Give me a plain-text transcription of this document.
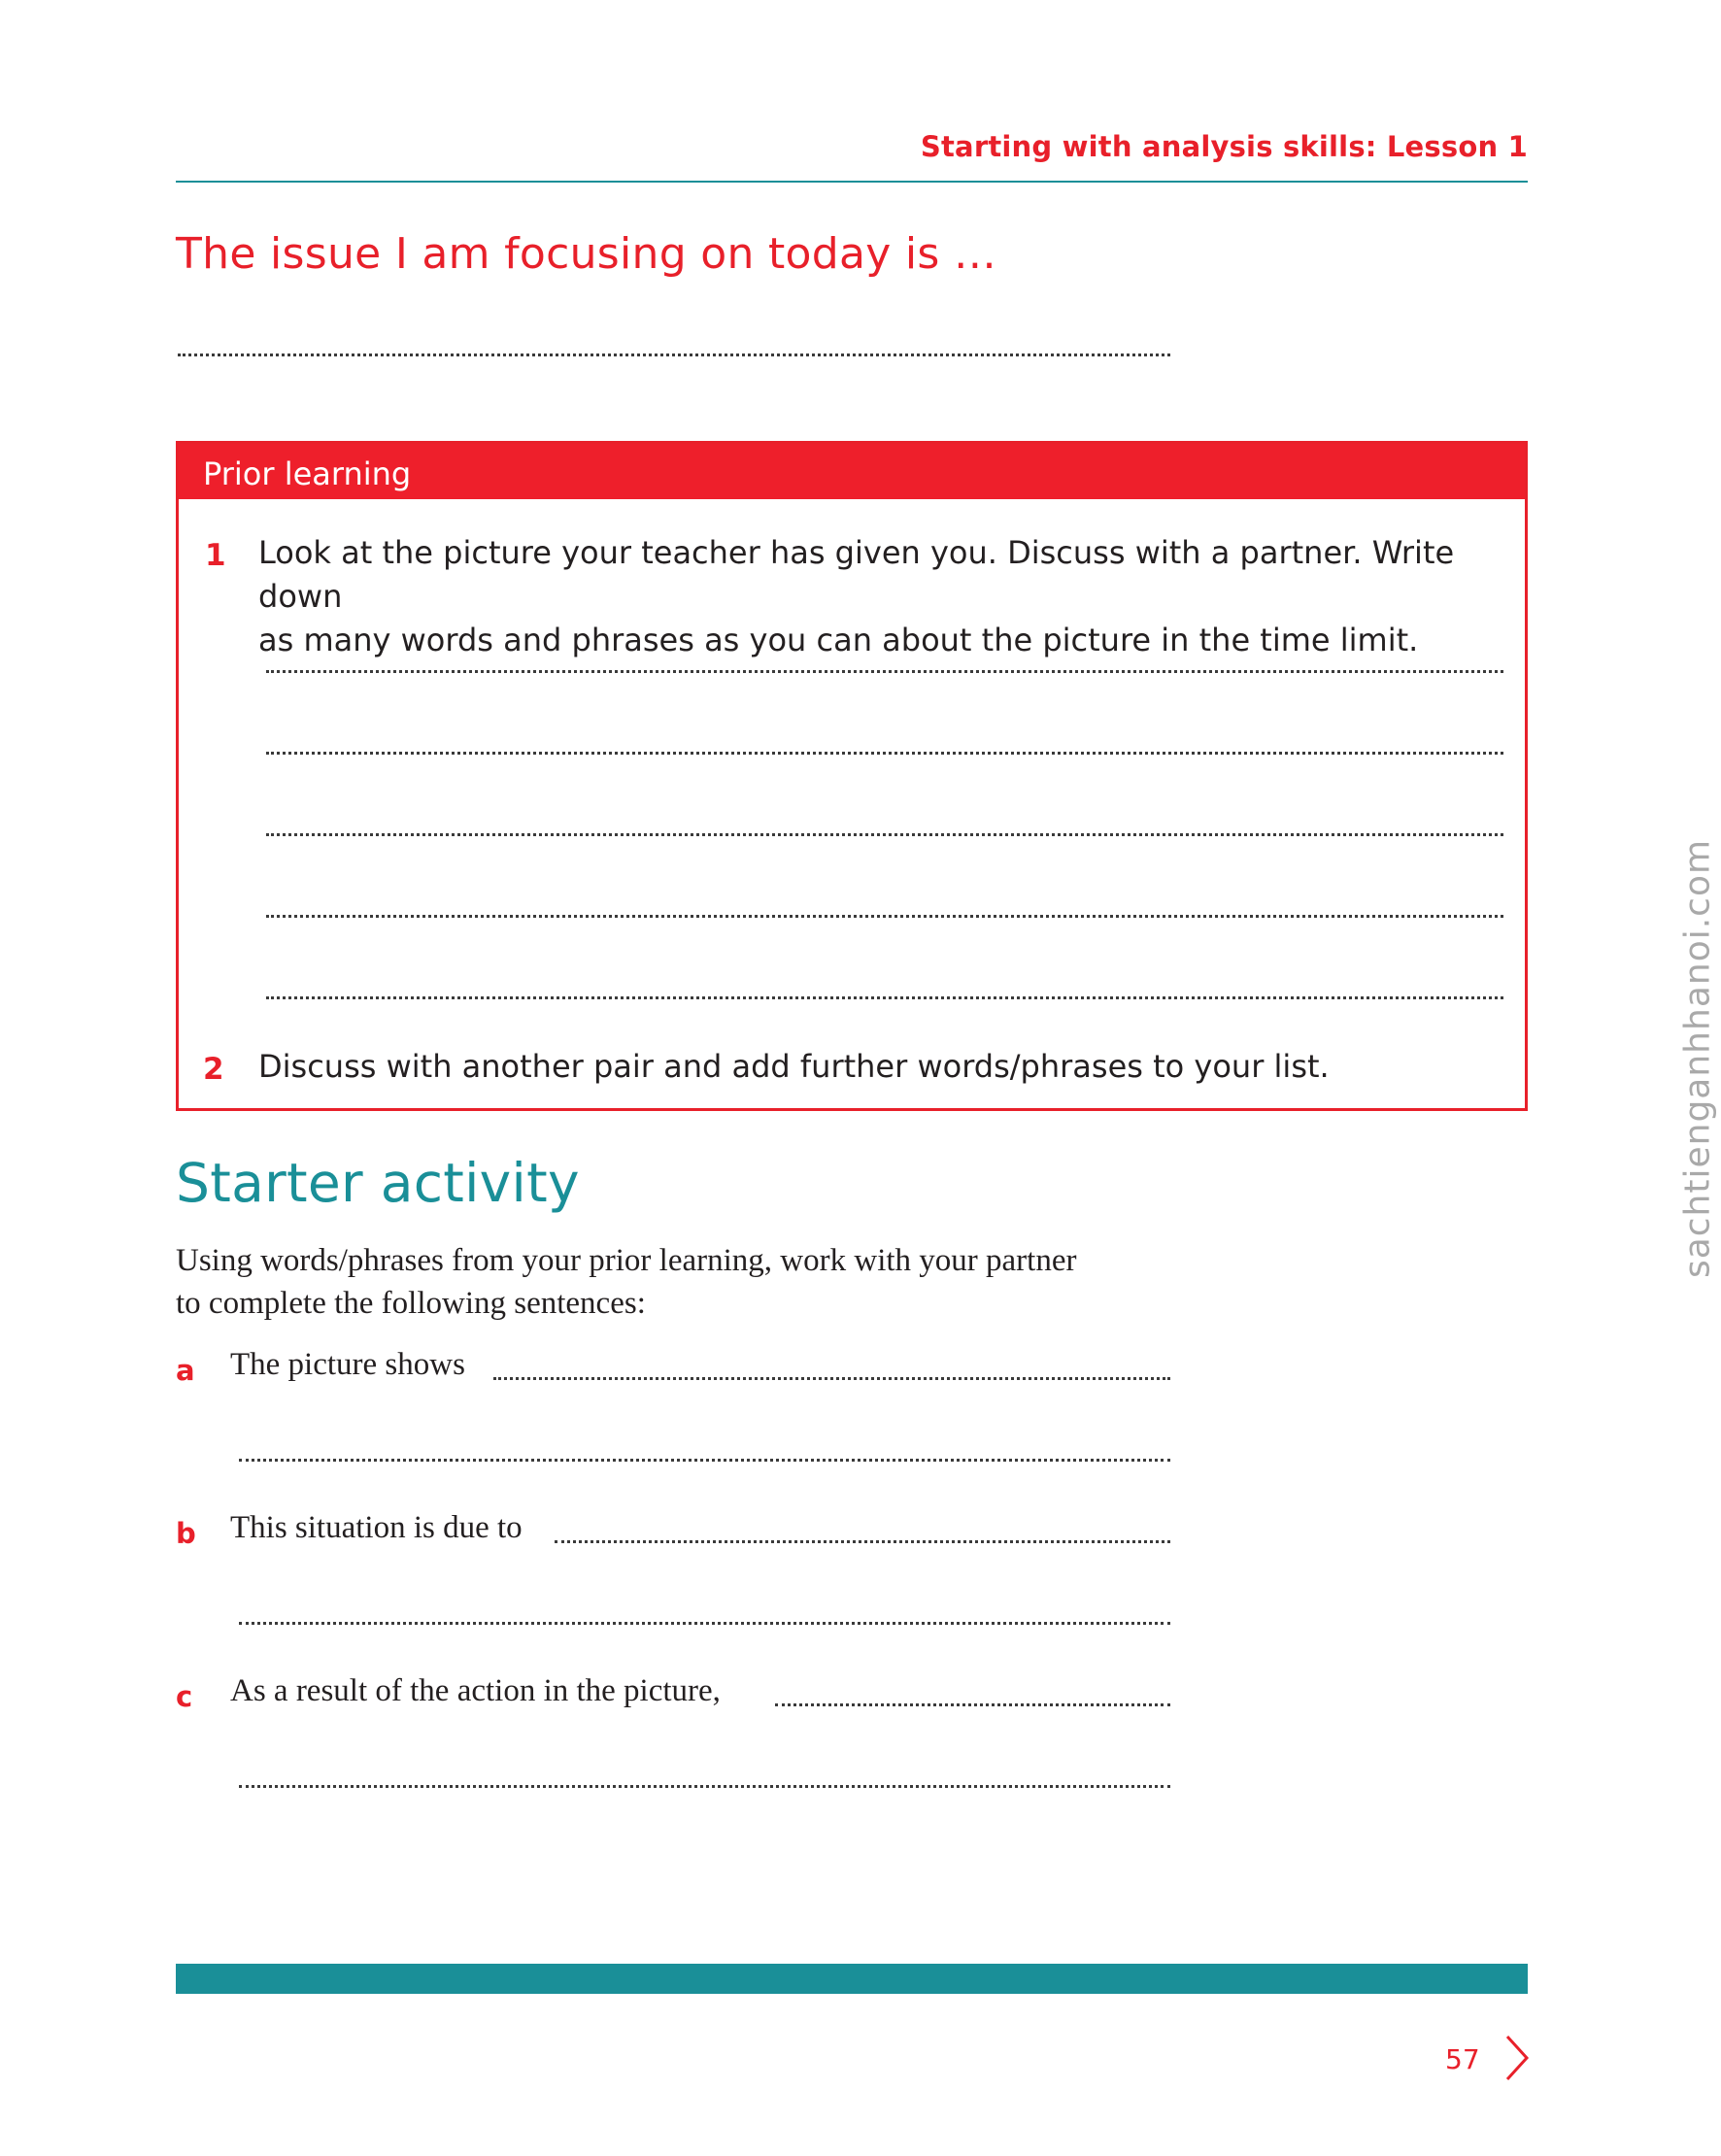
Starting with analysis skills: Lesson 1
The issue I am focusing on today is …
Prior learning
1 Look at the picture your teacher has given you. Discuss with a partner. Write down
as many words and phrases as you can about the picture in the time limit.
2 Discuss with another pair and add further words/phrases to your list.
Starter activity
Using words/phrases from your prior learning, work with your partner
to complete the following sentences:
a The picture shows
b This situation is due to
c As a result of the action in the picture,
57
sachtienganhhanoi.com
